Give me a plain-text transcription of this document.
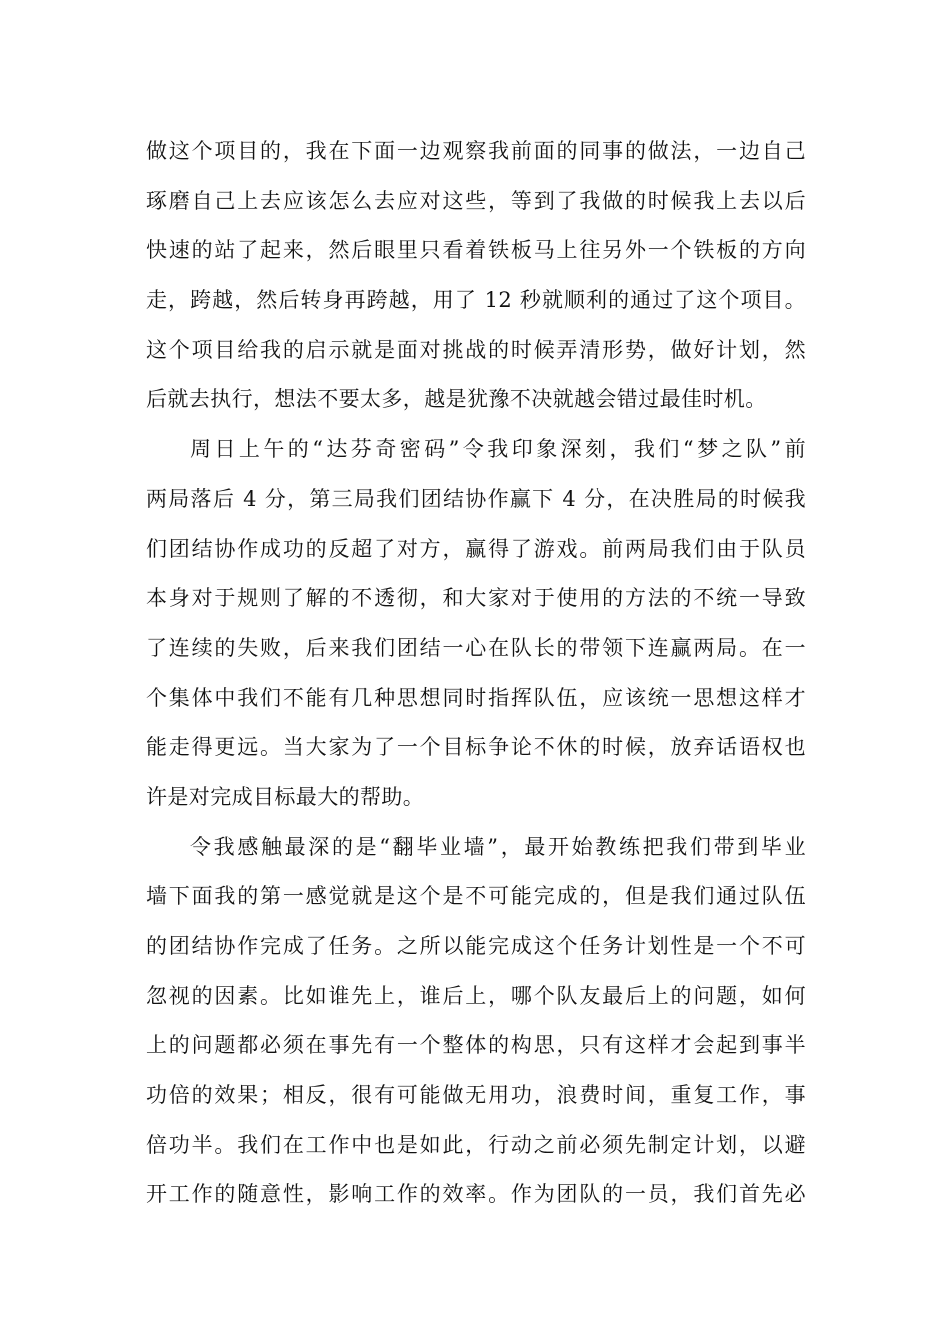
做这个项目的，我在下面一边观察我前面的同事的做法，一边自己
琢磨自己上去应该怎么去应对这些，等到了我做的时候我上去以后
快速的站了起来，然后眼里只看着铁板马上往另外一个铁板的方向
走，跨越，然后转身再跨越，用了 12 秒就顺利的通过了这个项目。
这个项目给我的启示就是面对挑战的时候弄清形势，做好计划，然
后就去执行，想法不要太多，越是犹豫不决就越会错过最佳时机。
周日上午的“达芬奇密码”令我印象深刻，我们“梦之队”前
两局落后 4 分，第三局我们团结协作赢下 4 分，在决胜局的时候我
们团结协作成功的反超了对方，赢得了游戏。前两局我们由于队员
本身对于规则了解的不透彻，和大家对于使用的方法的不统一导致
了连续的失败，后来我们团结一心在队长的带领下连赢两局。在一
个集体中我们不能有几种思想同时指挥队伍，应该统一思想这样才
能走得更远。当大家为了一个目标争论不休的时候，放弃话语权也
许是对完成目标最大的帮助。
令我感触最深的是“翻毕业墙”，最开始教练把我们带到毕业
墙下面我的第一感觉就是这个是不可能完成的，但是我们通过队伍
的团结协作完成了任务。之所以能完成这个任务计划性是一个不可
忽视的因素。比如谁先上，谁后上，哪个队友最后上的问题，如何
上的问题都必须在事先有一个整体的构思，只有这样才会起到事半
功倍的效果；相反，很有可能做无用功，浪费时间，重复工作，事
倍功半。我们在工作中也是如此，行动之前必须先制定计划，以避
开工作的随意性，影响工作的效率。作为团队的一员，我们首先必
